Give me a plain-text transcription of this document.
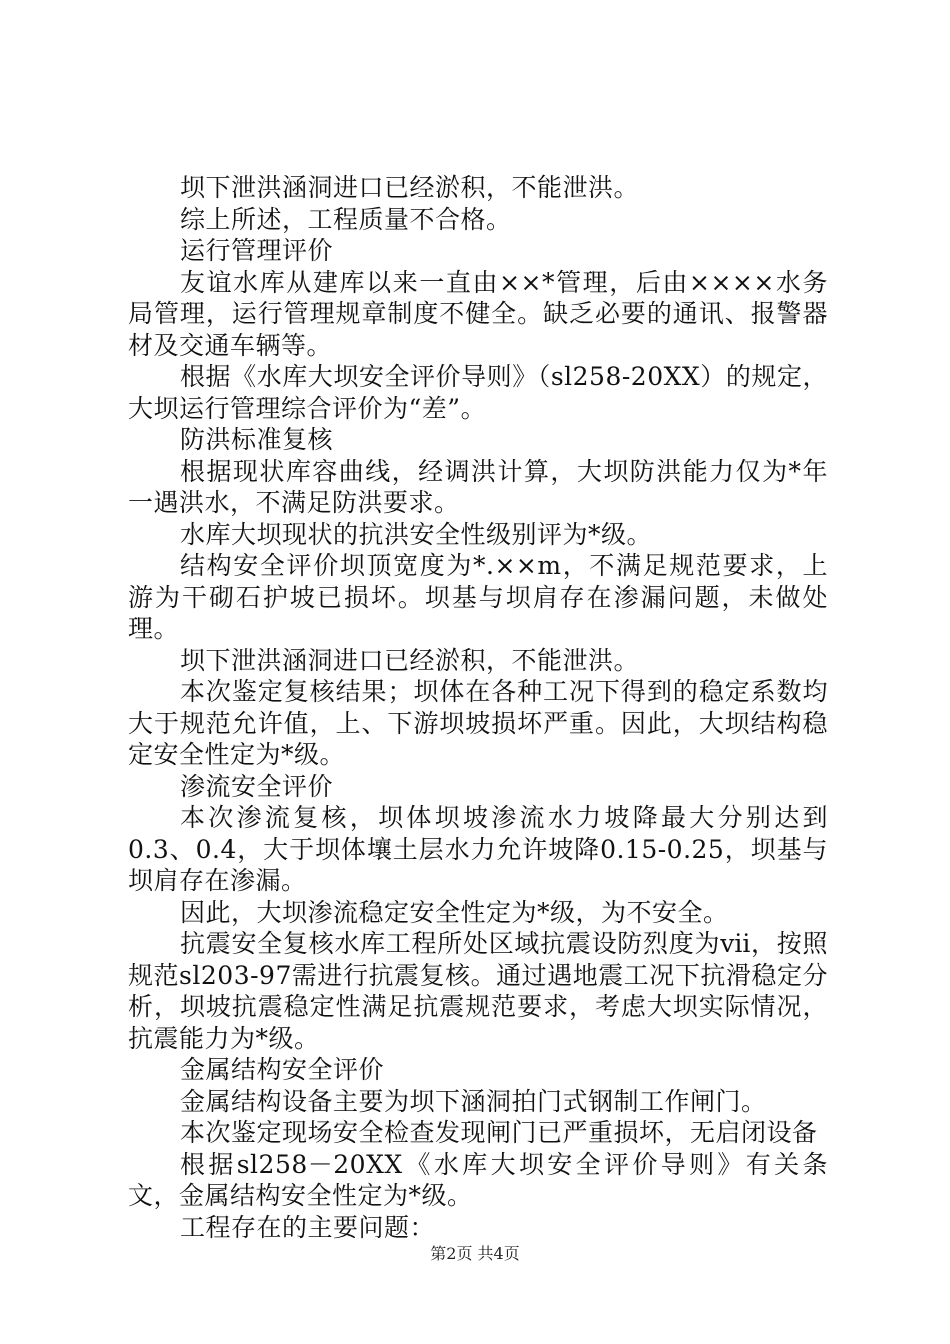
坝下泄洪涵洞进口已经淤积，不能泄洪。

综上所述，工程质量不合格。

运行管理评价

友谊水库从建库以来一直由××*管理，后由××××水务局管理，运行管理规章制度不健全。缺乏必要的通讯、报警器材及交通车辆等。

根据《水库大坝安全评价导则》（sl258-20XX）的规定，大坝运行管理综合评价为“差”。

防洪标准复核

根据现状库容曲线，经调洪计算，大坝防洪能力仅为*年一遇洪水，不满足防洪要求。

水库大坝现状的抗洪安全性级别评为*级。

结构安全评价坝顶宽度为*.××m，不满足规范要求，上游为干砌石护坡已损坏。坝基与坝肩存在渗漏问题，未做处理。

坝下泄洪涵洞进口已经淤积，不能泄洪。

本次鉴定复核结果；坝体在各种工况下得到的稳定系数均大于规范允许值，上、下游坝坡损坏严重。因此，大坝结构稳定安全性定为*级。

渗流安全评价

本次渗流复核，坝体坝坡渗流水力坡降最大分别达到0.3、0.4，大于坝体壤土层水力允许坡降0.15-0.25，坝基与坝肩存在渗漏。

因此，大坝渗流稳定安全性定为*级，为不安全。

抗震安全复核水库工程所处区域抗震设防烈度为ⅶ，按照规范sl203-97需进行抗震复核。通过遇地震工况下抗滑稳定分析，坝坡抗震稳定性满足抗震规范要求，考虑大坝实际情况，抗震能力为*级。

金属结构安全评价

金属结构设备主要为坝下涵洞拍门式钢制工作闸门。

本次鉴定现场安全检查发现闸门已严重损坏，无启闭设备

根据sl258－20XX《水库大坝安全评价导则》有关条文，金属结构安全性定为*级。

工程存在的主要问题：

第2页 共4页
